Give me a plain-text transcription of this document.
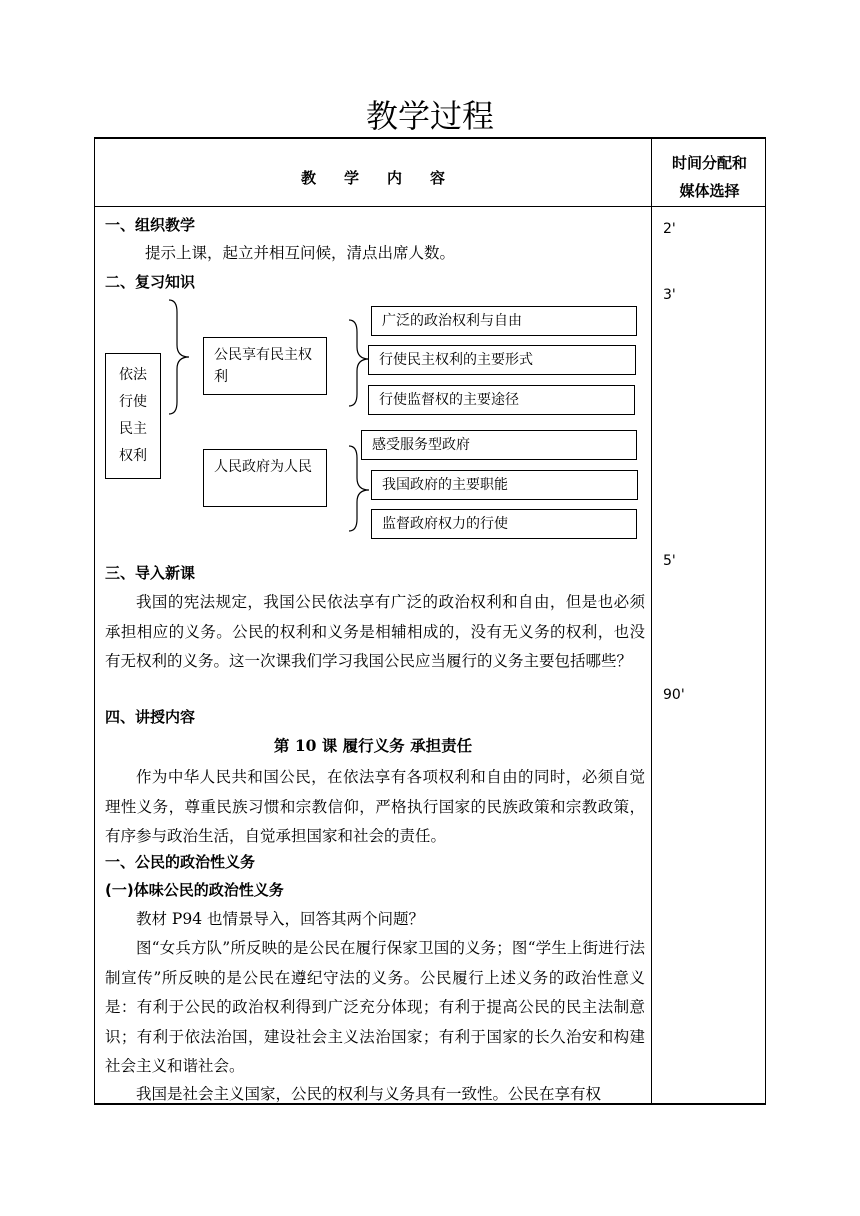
教学过程
教 学 内 容
时间分配和
媒体选择
2'
3'
5'
90'
一、组织教学
提示上课，起立并相互问候，清点出席人数。
二、复习知识
依法
行使
民主
权利
公民享有民主权利
广泛的政治权利与自由
行使民主权利的主要形式
行使监督权的主要途径
人民政府为人民
感受服务型政府
我国政府的主要职能
监督政府权力的行使
三、导入新课
我国的宪法规定，我国公民依法享有广泛的政治权利和自由，但是也必须承担相应的义务。公民的权利和义务是相辅相成的，没有无义务的权利，也没有无权利的义务。这一次课我们学习我国公民应当履行的义务主要包括哪些？
四、讲授内容
第 10 课 履行义务 承担责任
作为中华人民共和国公民，在依法享有各项权利和自由的同时，必须自觉理性义务，尊重民族习惯和宗教信仰，严格执行国家的民族政策和宗教政策，有序参与政治生活，自觉承担国家和社会的责任。
一、公民的政治性义务
(一)体味公民的政治性义务
教材 P94 也情景导入，回答其两个问题？
图“女兵方队”所反映的是公民在履行保家卫国的义务；图“学生上街进行法制宣传”所反映的是公民在遵纪守法的义务。公民履行上述义务的政治性意义是：有利于公民的政治权利得到广泛充分体现；有利于提高公民的民主法制意识；有利于依法治国，建设社会主义法治国家；有利于国家的长久治安和构建社会主义和谐社会。
我国是社会主义国家，公民的权利与义务具有一致性。公民在享有权
